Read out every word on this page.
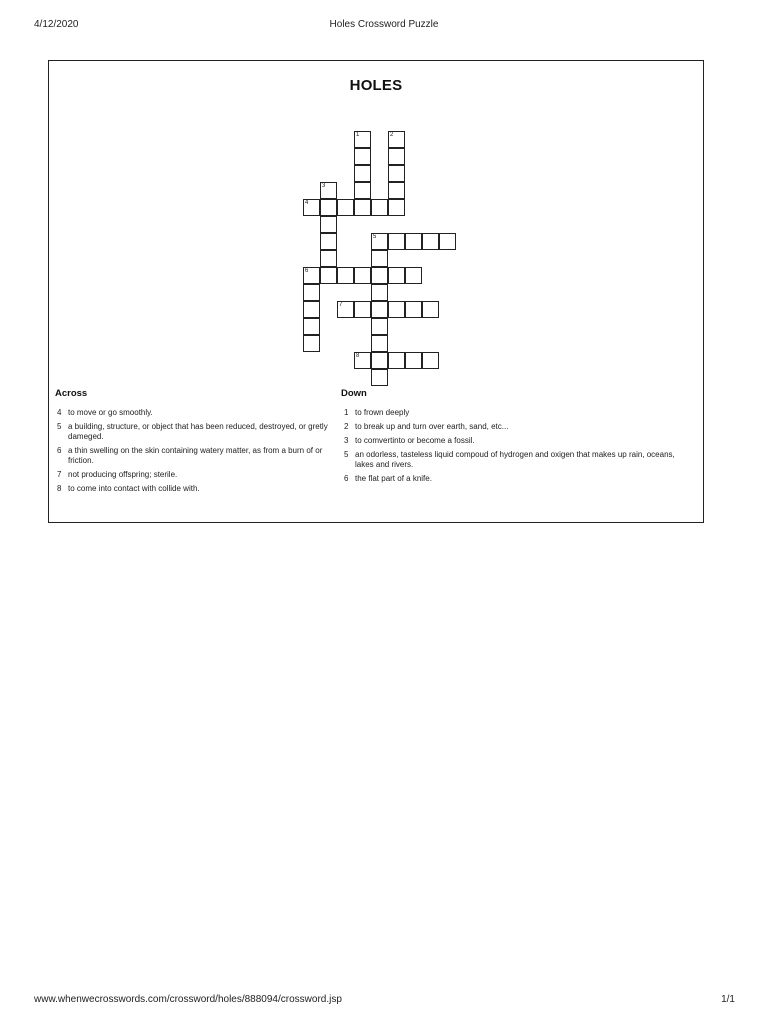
4/12/2020	Holes Crossword Puzzle
HOLES
1	2
3
4
5
6
7
8
Across
4 to move or go smoothly.
5 a building, structure, or object that has been reduced, destroyed, or gretly dameged.
6 a thin swelling on the skin containing watery matter, as from a burn of or friction.
7 not producing offspring; sterile.
8 to come into contact with collide with.
Down
1 to frown deeply
2 to break up and turn over earth, sand, etc...
3 to comvertinto or become a fossil.
5 an odorless, tasteless liquid compoud of hydrogen and oxigen that makes up rain, oceans, lakes and rivers.
6 the flat part of a knife.
www.whenwecrosswords.com/crossword/holes/888094/crossword.jsp	1/1
